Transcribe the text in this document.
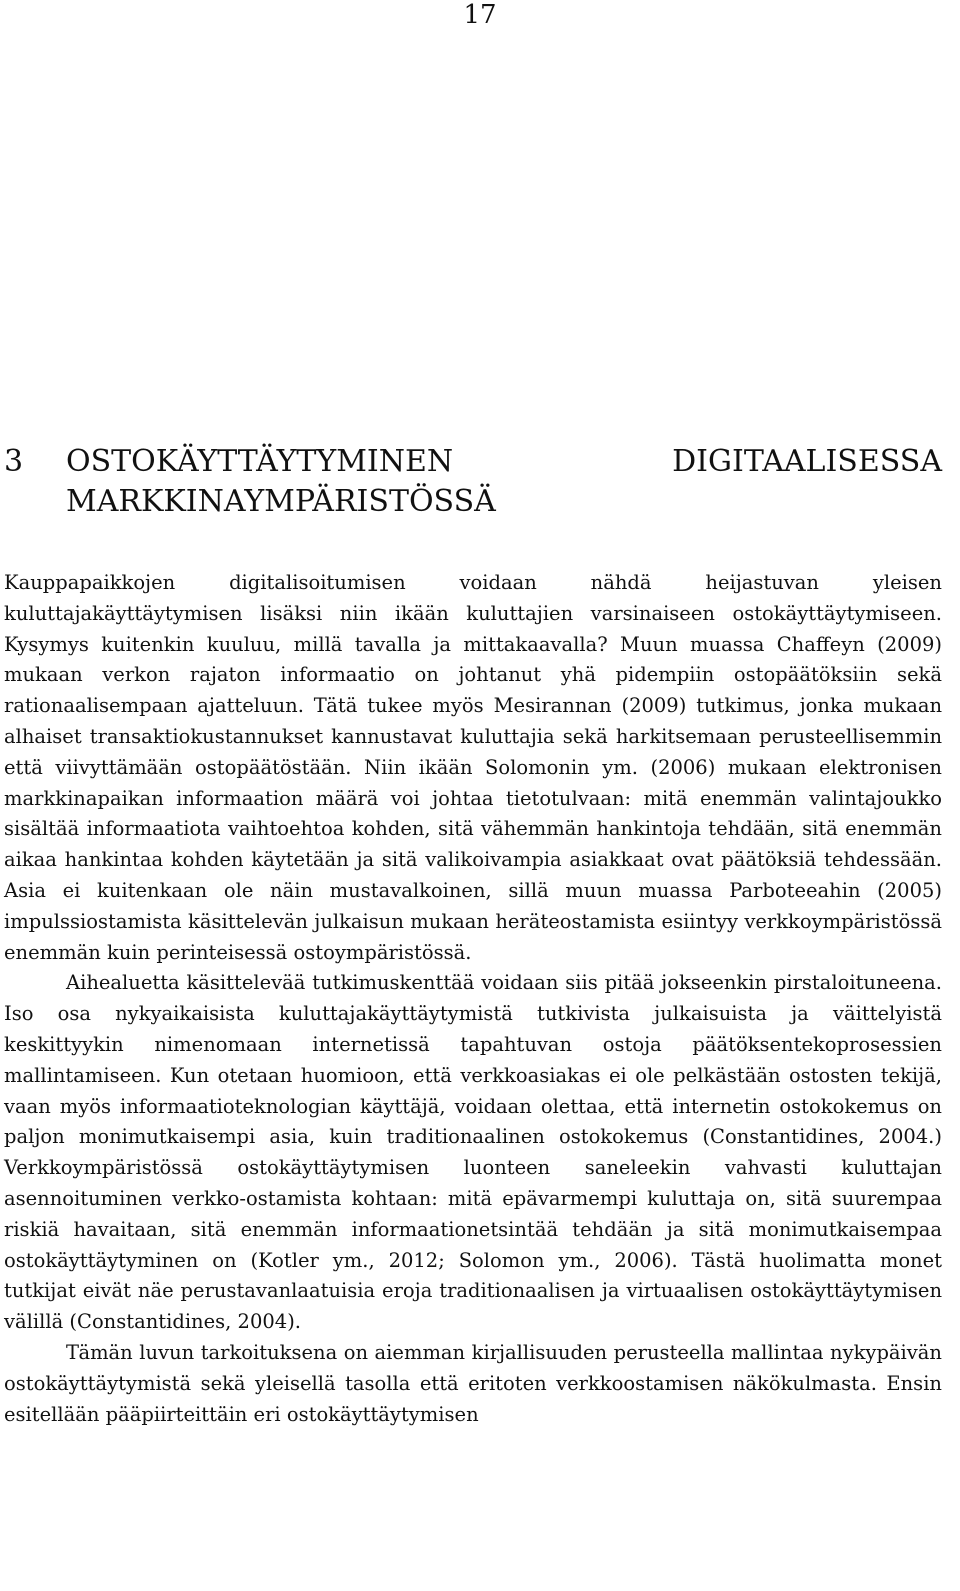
17
3	OSTOKÄYTTÄYTYMINEN	DIGITAALISESSA
MARKKINAYMPÄRISTÖSSÄ

Kauppapaikkojen digitalisoitumisen voidaan nähdä heijastuvan yleisen kuluttajakäyttäytymisen lisäksi niin ikään kuluttajien varsinaiseen ostokäyttäytymiseen. Kysymys kuitenkin kuuluu, millä tavalla ja mittakaavalla? Muun muassa Chaffeyn (2009) mukaan verkon rajaton informaatio on johtanut yhä pidempiin ostopäätöksiin sekä rationaalisempaan ajatteluun. Tätä tukee myös Mesirannan (2009) tutkimus, jonka mukaan alhaiset transaktiokustannukset kannustavat kuluttajia sekä harkitsemaan perusteellisemmin että viivyttämään ostopäätöstään. Niin ikään Solomonin ym. (2006) mukaan elektronisen markkinapaikan informaation määrä voi johtaa tietotulvaan: mitä enemmän valintajoukko sisältää informaatiota vaihtoehtoa kohden, sitä vähemmän hankintoja tehdään, sitä enemmän aikaa hankintaa kohden käytetään ja sitä valikoivampia asiakkaat ovat päätöksiä tehdessään. Asia ei kuitenkaan ole näin mustavalkoinen, sillä muun muassa Parboteeahin (2005) impulssiostamista käsittelevän julkaisun mukaan heräteostamista esiintyy verkkoympäristössä enemmän kuin perinteisessä ostoympäristössä.

Aihealuetta käsittelevää tutkimuskenttää voidaan siis pitää jokseenkin pirstaloituneena. Iso osa nykyaikaisista kuluttajakäyttäytymistä tutkivista julkaisuista ja väittelyistä keskittyykin nimenomaan internetissä tapahtuvan ostoja päätöksentekoprosessien mallintamiseen. Kun otetaan huomioon, että verkkoasiakas ei ole pelkästään ostosten tekijä, vaan myös informaatioteknologian käyttäjä, voidaan olettaa, että internetin ostokokemus on paljon monimutkaisempi asia, kuin traditionaalinen ostokokemus (Constantidines, 2004.) Verkkoympäristössä ostokäyttäytymisen luonteen saneleekin vahvasti kuluttajan asennoituminen verkko-ostamista kohtaan: mitä epävarmempi kuluttaja on, sitä suurempaa riskiä havaitaan, sitä enemmän informaationetsintää tehdään ja sitä monimutkaisempaa ostokäyttäytyminen on (Kotler ym., 2012; Solomon ym., 2006). Tästä huolimatta monet tutkijat eivät näe perustavanlaatuisia eroja traditionaalisen ja virtuaalisen ostokäyttäytymisen välillä (Constantidines, 2004).

Tämän luvun tarkoituksena on aiemman kirjallisuuden perusteella mallintaa nykypäivän ostokäyttäytymistä sekä yleisellä tasolla että eritoten verkkoostamisen näkökulmasta. Ensin esitellään pääpiirteittäin eri ostokäyttäytymisen
